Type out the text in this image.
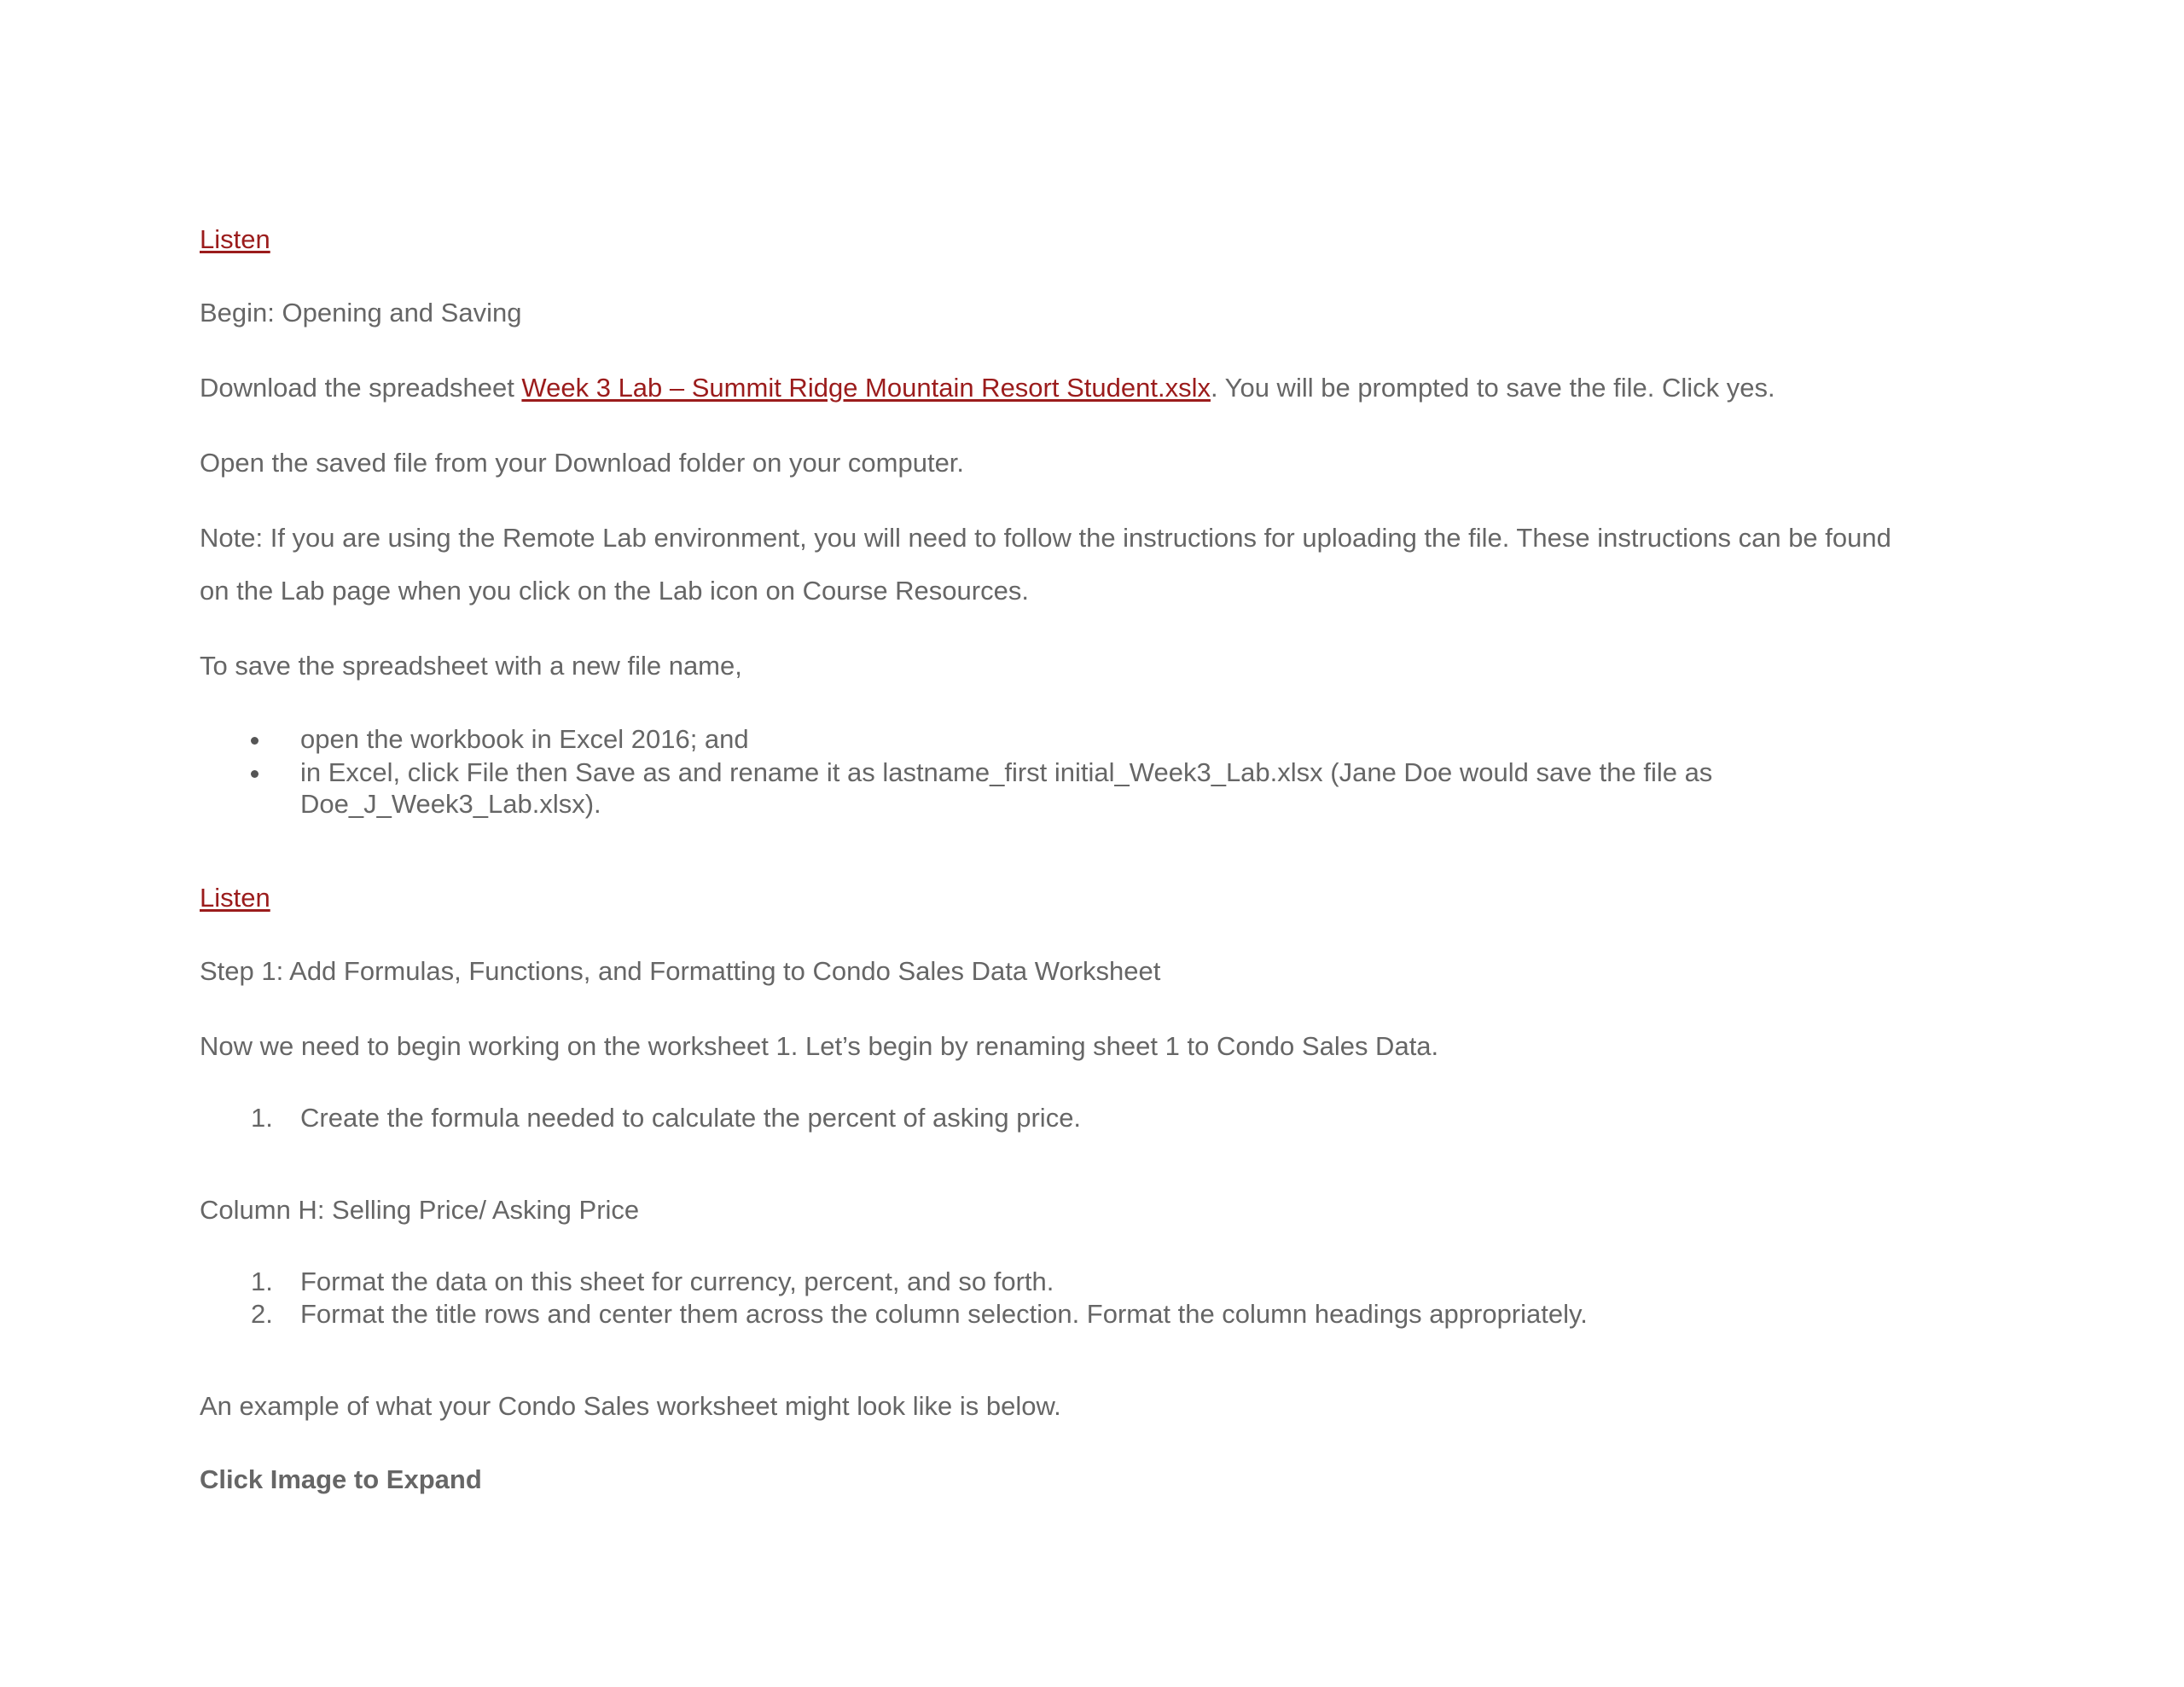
Listen
Begin: Opening and Saving
Download the spreadsheet Week 3 Lab – Summit Ridge Mountain Resort Student.xslx. You will be prompted to save the file. Click yes.
Open the saved file from your Download folder on your computer.
Note: If you are using the Remote Lab environment, you will need to follow the instructions for uploading the file. These instructions can be found
on the Lab page when you click on the Lab icon on Course Resources.
To save the spreadsheet with a new file name,
open the workbook in Excel 2016; and
in Excel, click File then Save as and rename it as lastname_first initial_Week3_Lab.xlsx (Jane Doe would save the file as
Doe_J_Week3_Lab.xlsx).
Listen
Step 1: Add Formulas, Functions, and Formatting to Condo Sales Data Worksheet
Now we need to begin working on the worksheet 1. Let’s begin by renaming sheet 1 to Condo Sales Data.
1.	Create the formula needed to calculate the percent of asking price.
Column H: Selling Price/ Asking Price
1.	Format the data on this sheet for currency, percent, and so forth.
2.	Format the title rows and center them across the column selection. Format the column headings appropriately.
An example of what your Condo Sales worksheet might look like is below.
Click Image to Expand
